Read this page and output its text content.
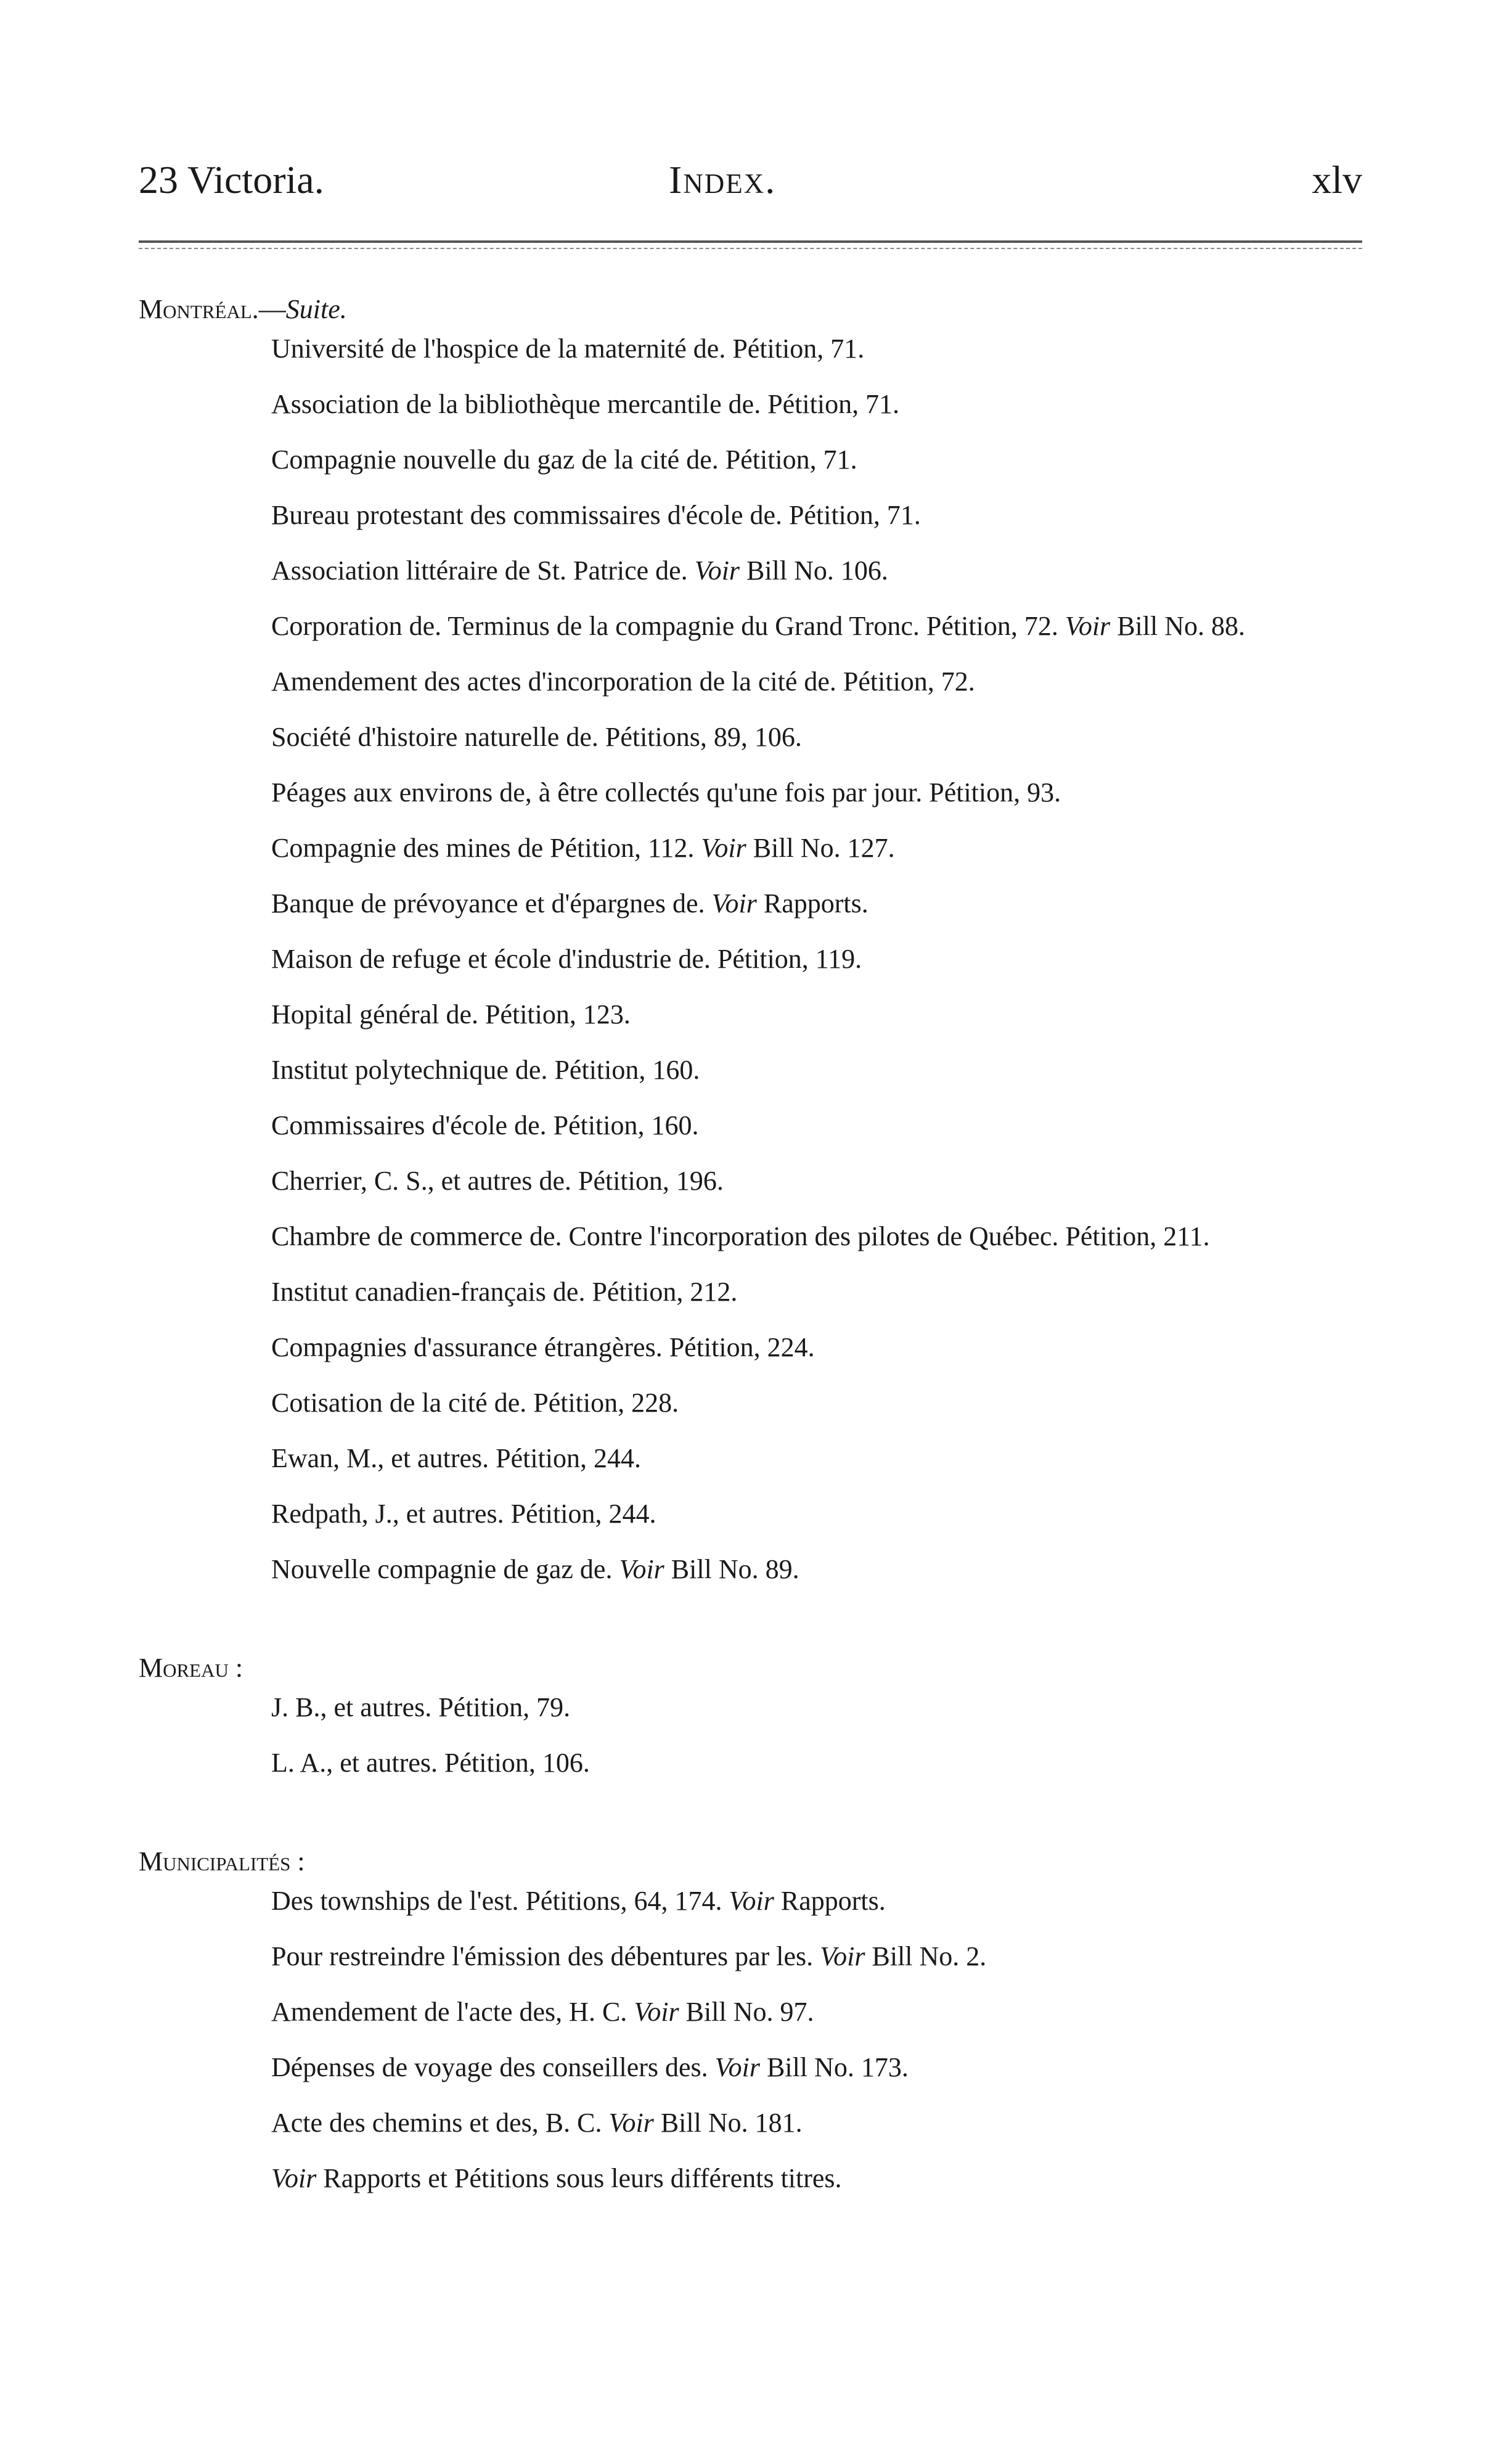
23 Victoria.	Index.	xlv
Montréal.—Suite.
Université de l'hospice de la maternité de. Pétition, 71.
Association de la bibliothèque mercantile de. Pétition, 71.
Compagnie nouvelle du gaz de la cité de. Pétition, 71.
Bureau protestant des commissaires d'école de. Pétition, 71.
Association littéraire de St. Patrice de. Voir Bill No. 106.
Corporation de. Terminus de la compagnie du Grand Tronc. Pétition, 72. Voir Bill No. 88.
Amendement des actes d'incorporation de la cité de. Pétition, 72.
Société d'histoire naturelle de. Pétitions, 89, 106.
Péages aux environs de, à être collectés qu'une fois par jour. Pétition, 93.
Compagnie des mines de Pétition, 112. Voir Bill No. 127.
Banque de prévoyance et d'épargnes de. Voir Rapports.
Maison de refuge et école d'industrie de. Pétition, 119.
Hopital général de. Pétition, 123.
Institut polytechnique de. Pétition, 160.
Commissaires d'école de. Pétition, 160.
Cherrier, C. S., et autres de. Pétition, 196.
Chambre de commerce de. Contre l'incorporation des pilotes de Québec. Pétition, 211.
Institut canadien-français de. Pétition, 212.
Compagnies d'assurance étrangères. Pétition, 224.
Cotisation de la cité de. Pétition, 228.
Ewan, M., et autres. Pétition, 244.
Redpath, J., et autres. Pétition, 244.
Nouvelle compagnie de gaz de. Voir Bill No. 89.
Moreau :
J. B., et autres. Pétition, 79.
L. A., et autres. Pétition, 106.
Municipalités :
Des townships de l'est. Pétitions, 64, 174. Voir Rapports.
Pour restreindre l'émission des débentures par les. Voir Bill No. 2.
Amendement de l'acte des, H. C. Voir Bill No. 97.
Dépenses de voyage des conseillers des. Voir Bill No. 173.
Acte des chemins et des, B. C. Voir Bill No. 181.
Voir Rapports et Pétitions sous leurs différents titres.
